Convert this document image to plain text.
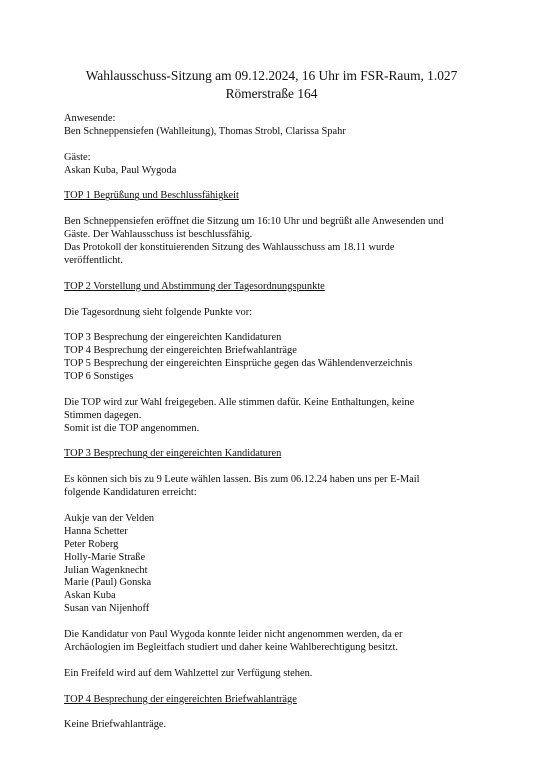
Wahlausschuss-Sitzung am 09.12.2024, 16 Uhr im FSR-Raum, 1.027
Römerstraße 164
Anwesende:
Ben Schneppensiefen (Wahlleitung), Thomas Strobl, Clarissa Spahr
Gäste:
Askan Kuba, Paul Wygoda
TOP 1 Begrüßung und Beschlussfähigkeit
Ben Schneppensiefen eröffnet die Sitzung um 16:10 Uhr und begrüßt alle Anwesenden und
Gäste. Der Wahlausschuss ist beschlussfähig.
Das Protokoll der konstituierenden Sitzung des Wahlausschuss am 18.11 wurde
veröffentlicht.
TOP 2 Vorstellung und Abstimmung der Tagesordnungspunkte
Die Tagesordnung sieht folgende Punkte vor:
TOP 3 Besprechung der eingereichten Kandidaturen
TOP 4 Besprechung der eingereichten Briefwahlanträge
TOP 5 Besprechung der eingereichten Einsprüche gegen das Wählendenverzeichnis
TOP 6 Sonstiges
Die TOP wird zur Wahl freigegeben. Alle stimmen dafür. Keine Enthaltungen, keine
Stimmen dagegen.
Somit ist die TOP angenommen.
TOP 3 Besprechung der eingereichten Kandidaturen
Es können sich bis zu 9 Leute wählen lassen. Bis zum 06.12.24 haben uns per E-Mail
folgende Kandidaturen erreicht:
Aukje van der Velden
Hanna Schetter
Peter Roberg
Holly-Marie Straße
Julian Wagenknecht
Marie (Paul) Gonska
Askan Kuba
Susan van Nijenhoff
Die Kandidatur von Paul Wygoda konnte leider nicht angenommen werden, da er
Archäologien im Begleitfach studiert und daher keine Wahlberechtigung besitzt.
Ein Freifeld wird auf dem Wahlzettel zur Verfügung stehen.
TOP 4 Besprechung der eingereichten Briefwahlanträge
Keine Briefwahlanträge.
